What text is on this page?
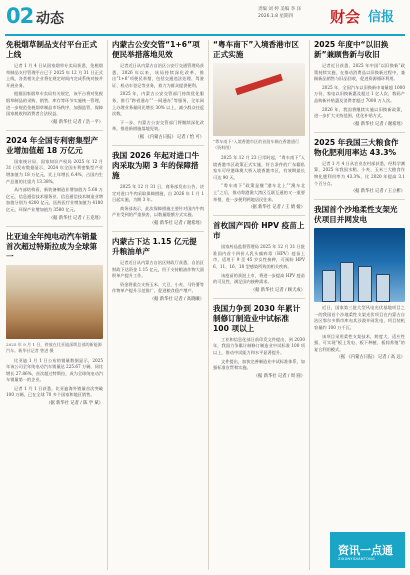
02 动态
责编 刘 婷 美编 李 泽
2026.1.8 星期四	财会 信报
免税烟草制品支付平台正式上线

记者 1 月 4 日从国家烟草专卖局获悉，免税烟草制品支付管理平台已于 2025 年 12 月 31 日正式上线，各类相关企业将在规定时间内完成系统对接并开展业务。

根据国家烟草专卖局有关规定，该平台将对免税烟草制品的采购、销售、库存等环节实施统一管理，进一步规范免税烟草制品市场秩序，加强监管，保障国家税收和消费者合法权益。

（据 新华社 记者 / 浩一平）
2024 年全国专利密集型产业增加值超 18 万亿元

国家统计局、国家知识产权局 2025 年 12 月 31 日发布数据显示，2024 年全国专利密集型产业增加值为 18 万亿元，比上年增长 6.4%，占国内生产总值的比重为 13.38%。

从内部结构看，新装备制造业增加值为 5.68 万亿元，信息通信技术服务业、信息通信技术制造业增加值分别为 4200 亿元，医药医疗业增加值为 4180 亿元，环保产业增加值为 3580 亿元。

（据 新华社 记者 / 王克瑶）
比亚迪全年纯电动汽车销量首次超过特斯拉成为全球第一
2025 年 9 月 1 日，停放在比亚迪深圳总部的新能源汽车。新华社记者 曾进 摄

比亚迪 1 月 1 日公布的销量数据显示，2025 年该公司全年纯电动汽车销量达 225.67 万辆，同比增长 27.86%，首次超过特斯拉，成为全球纯电动汽车销量第一的企业。

记者 1 月 1 日获悉，比亚迪海外销量首次突破 100 万辆，已在全球 70 多个国家和地区销售。

（据 新华社 记者 / 陈 学 斌）
内蒙古公安交管“1+6”项便民举措落地见效

记者近日从内蒙古自治区公安厅交通管理局获悉，2026 年以来，该局持续深化改革，推出“1+6”项便民举措，包括交通违法处理、驾驶证、机动车登记等业务，着力为群众提供便利。

2025 年，内蒙古公安交管部门持续优化服务，推行“跨省通办”“一网通办”等服务，全年网上办理业务量同比增长 30% 以上，减少群众往返次数。

下一步，内蒙古公安交管部门将继续深化改革，推进新措施落地见效。

（据 《内蒙古日报》 记者 / 怡 可）
我国 2026 年起对进口牛肉采取为期 3 年的保障措施

2025 年 12 月 31 日，商务部发布公告，决定对进口牛肉采取保障措施，自 2026 年 1 月 1 日起实施，为期 3 年。

商务部表示，此次保障措施主要针对国内牛肉产业受到的严重损害，以数量限额方式实施。

（据 新华社 记者 / 谢希瑶）
内蒙古下达 1.15 亿元提升粮油单产

记者近日从内蒙古自治区财政厅获悉，自治区财政下达资金 1.15 亿元，用于支持粮油作物大面积单产提升工作。

资金将重点支持玉米、大豆、小麦、马铃薯等作物单产提升示范推广，促进粮食稳产增产。

（据 新华社 记者 / 高晓曦）
“粤车南下”入境香港市区正式实施
“粤车南下”入境香港市区的首批车辆在香港通行（资料图）

2025 年 12 月 23 日零时起，“粤车南下”入境香港市区政策正式实施，符合条件的广东籍私家车可经港珠澳大桥入境香港市区，有效期最长可达 90 天。

“粤车南下”政策是继“港车北上”“澳车北上”之后，推动粤港澳大湾区互联互通的又一重要举措，进一步便利两地居民往来。

（据 新华社 记者 / 王 婧 媛）
首枚国产四价 HPV 疫苗上市

国家药品监督管理局 2025 年 12 月 31 日批准国内首个四价人乳头瘤病毒（HPV）疫苗上市，适用于 9 至 45 岁女性接种，可预防 HPV 6、11、16、18 型感染所致的相关疾病。

该疫苗的获批上市，将进一步提高 HPV 疫苗的可及性，满足国内接种需求。

（据 新华社 记者 / 顾天成）
我国力争到 2030 年累计制修订制造业中试标准 100 项以上

工业和信息化部日前印发文件提出，到 2030 年，我国力争累计制修订制造业中试标准 100 项以上，推动中试能力和水平显著提升。

文件提出，加快完善制造业中试标准体系，加强标准宣贯和实施。

（据 新华社 记者 / 周 圆）
2025 年度中“以旧换新”兼顾售新与收旧

记者近日获悉，2025 年中国“以旧换新”政策持续实施，在推动消费品以旧换新过程中，兼顾新品销售与旧品回收，促进资源循环利用。

2025 年，全国汽车以旧换新申请量超 1000 万份，家电以旧换新惠及超过 1 亿人次，数码产品购新补贴惠及消费者超过 7000 万人次。

2026 年，我国将继续实施以旧换新政策，进一步扩大支持范围，优化补贴方式。

（据 新华社 记者 / 谢希瑶）
2025 年我国三大粮食作物化肥利用率达 43.3%

记者 1 月 4 日从农业农村部获悉，经科学测算，2025 年我国水稻、小麦、玉米三大粮食作物化肥利用率为 43.3%，比 2020 年提高 3.1 个百分点。

（据 新华社 记者 / 王立彬）
我国首个沙地柔性支架光伏项目并网发电

近日，国家第三批大型风电光伏基地项目之一的我国首个沙地柔性支架光伏项目在内蒙古自治区鄂尔多斯市库布其沙漠并网发电，项目装机容量约 100 万千瓦。

该项目采用柔性支架技术，跨度大、适应性强，可实现“板上发电、板下种植、板间养殖”的复合利用模式。

（据 《内蒙古日报》 记者 / 高 远）
资讯一点通
ZIXUNYIDIANTONG
